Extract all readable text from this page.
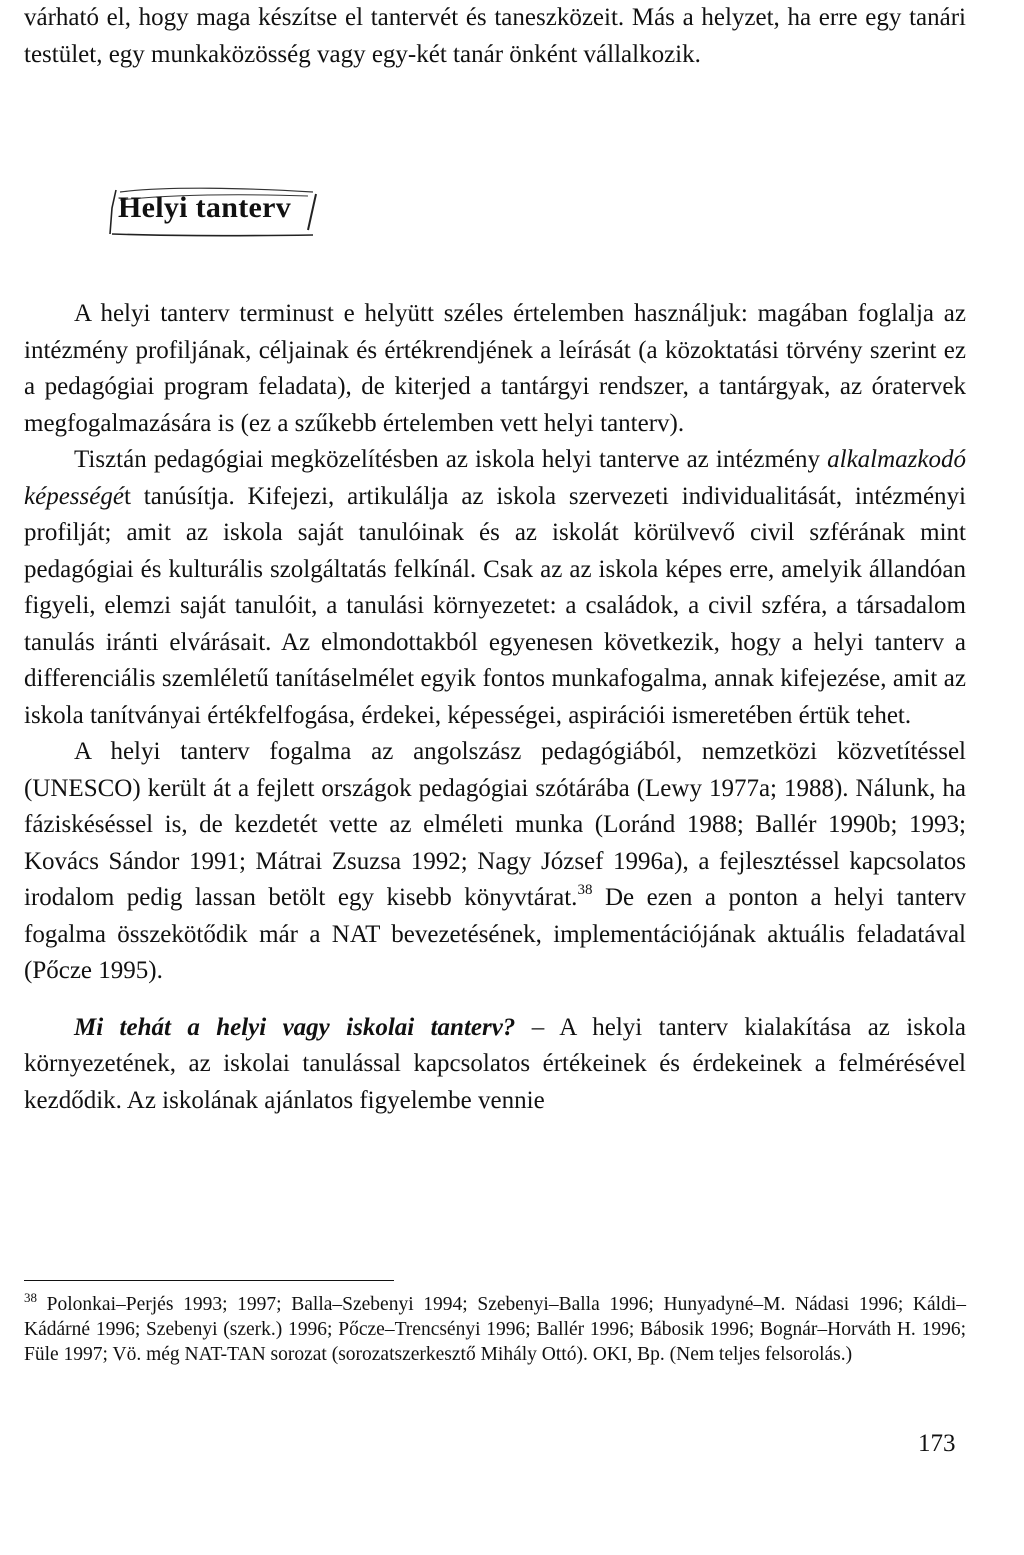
várható el, hogy maga készítse el tantervét és taneszközeit. Más a helyzet, ha erre egy tanári testület, egy munkaközösség vagy egy-két tanár önként vállalkozik.

Helyi tanterv

A helyi tanterv terminust e helyütt széles értelemben használjuk: magában foglalja az intézmény profiljának, céljainak és értékrendjének a leírását (a közoktatási törvény szerint ez a pedagógiai program feladata), de kiterjed a tantárgyi rendszer, a tantárgyak, az óratervek megfogalmazására is (ez a szűkebb értelemben vett helyi tanterv).

Tisztán pedagógiai megközelítésben az iskola helyi tanterve az intézmény alkalmazkodó képességét tanúsítja. Kifejezi, artikulálja az iskola szervezeti individualitását, intézményi profilját; amit az iskola saját tanulóinak és az iskolát körülvevő civil szférának mint pedagógiai és kulturális szolgáltatás felkínál. Csak az az iskola képes erre, amelyik állandóan figyeli, elemzi saját tanulóit, a tanulási környezetet: a családok, a civil szféra, a társadalom tanulás iránti elvárásait. Az elmondottakból egyenesen következik, hogy a helyi tanterv a differenciális szemléletű tanításelmélet egyik fontos munkafogalma, annak kifejezése, amit az iskola tanítványai értékfelfogása, érdekei, képességei, aspirációi ismeretében értük tehet.

A helyi tanterv fogalma az angolszász pedagógiából, nemzetközi közvetítéssel (UNESCO) került át a fejlett országok pedagógiai szótárába (Lewy 1977a; 1988). Nálunk, ha fáziskéséssel is, de kezdetét vette az elméleti munka (Loránd 1988; Ballér 1990b; 1993; Kovács Sándor 1991; Mátrai Zsuzsa 1992; Nagy József 1996a), a fejlesztéssel kapcsolatos irodalom pedig lassan betölt egy kisebb könyvtárat.$^{38}$ De ezen a ponton a helyi tanterv fogalma összekötődik már a NAT bevezetésének, implementációjának aktuális feladatával (Pőcze 1995).

Mi tehát a helyi vagy iskolai tanterv? – A helyi tanterv kialakítása az iskola környezetének, az iskolai tanulással kapcsolatos értékeinek és érdekeinek a felmérésével kezdődik. Az iskolának ajánlatos figyelembe vennie

$^{38}$ Polonkai–Perjés 1993; 1997; Balla–Szebenyi 1994; Szebenyi–Balla 1996; Hunyadyné–M. Nádasi 1996; Káldi–Kádárné 1996; Szebenyi (szerk.) 1996; Pőcze–Trencsényi 1996; Ballér 1996; Bábosik 1996; Bognár–Horváth H. 1996; Füle 1997; Vö. még NAT-TAN sorozat (sorozatszerkesztő Mihály Ottó). OKI, Bp. (Nem teljes felsorolás.)
173
